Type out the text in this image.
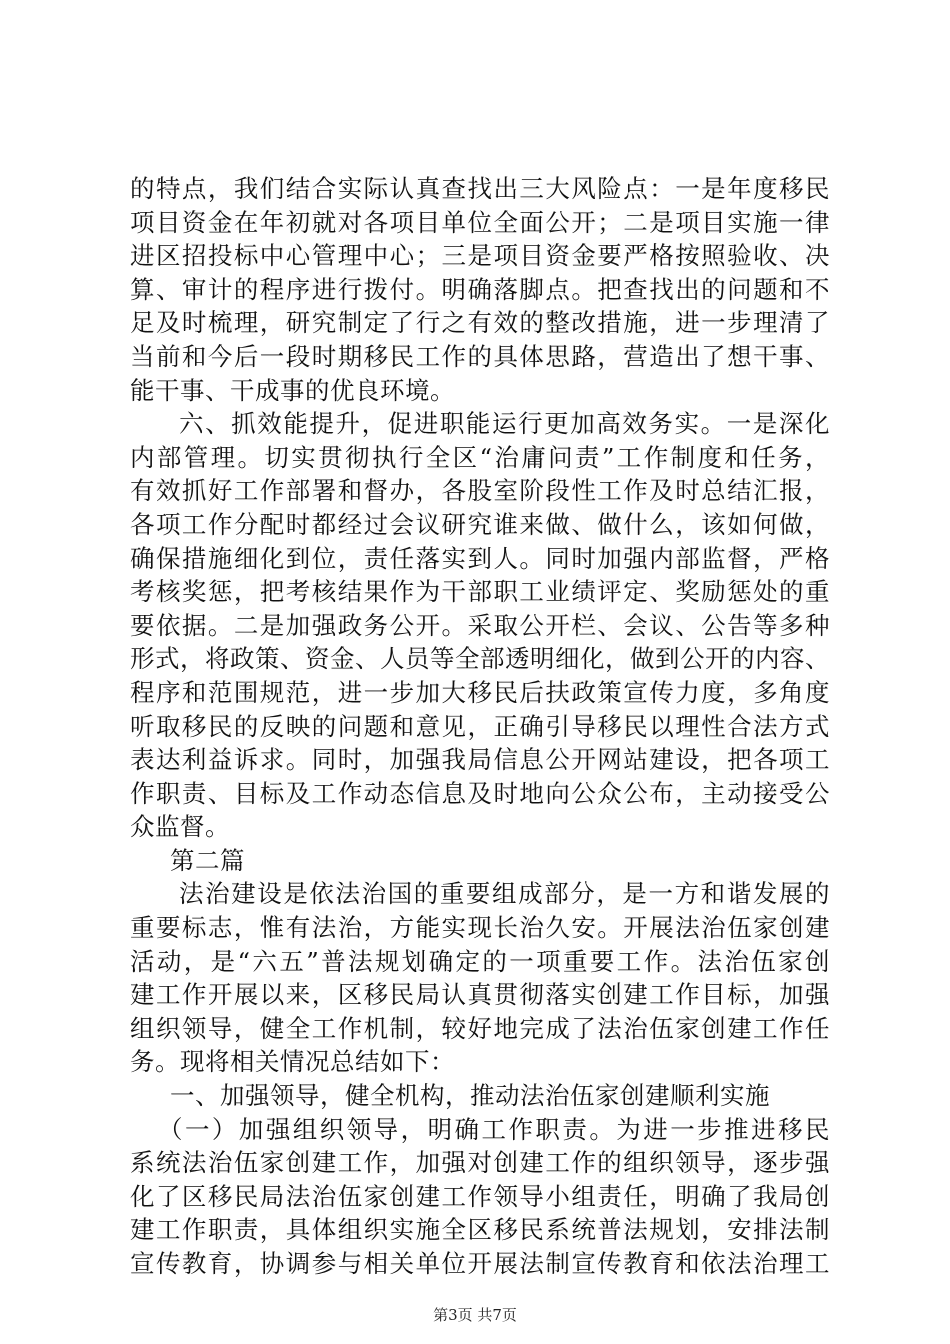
的特点，我们结合实际认真查找出三大风险点：一是年度移民
项目资金在年初就对各项目单位全面公开；二是项目实施一律
进区招投标中心管理中心；三是项目资金要严格按照验收、决
算、审计的程序进行拨付。明确落脚点。把查找出的问题和不
足及时梳理，研究制定了行之有效的整改措施，进一步理清了
当前和今后一段时期移民工作的具体思路，营造出了想干事、
能干事、干成事的优良环境。
六、抓效能提升，促进职能运行更加高效务实。一是深化
内部管理。切实贯彻执行全区“治庸问责”工作制度和任务，
有效抓好工作部署和督办，各股室阶段性工作及时总结汇报，
各项工作分配时都经过会议研究谁来做、做什么，该如何做，
确保措施细化到位，责任落实到人。同时加强内部监督，严格
考核奖惩，把考核结果作为干部职工业绩评定、奖励惩处的重
要依据。二是加强政务公开。采取公开栏、会议、公告等多种
形式，将政策、资金、人员等全部透明细化，做到公开的内容、
程序和范围规范，进一步加大移民后扶政策宣传力度，多角度
听取移民的反映的问题和意见，正确引导移民以理性合法方式
表达利益诉求。同时，加强我局信息公开网站建设，把各项工
作职责、目标及工作动态信息及时地向公众公布，主动接受公
众监督。
第二篇
法治建设是依法治国的重要组成部分，是一方和谐发展的
重要标志，惟有法治，方能实现长治久安。开展法治伍家创建
活动，是“六五”普法规划确定的一项重要工作。法治伍家创
建工作开展以来，区移民局认真贯彻落实创建工作目标，加强
组织领导，健全工作机制，较好地完成了法治伍家创建工作任
务。现将相关情况总结如下：
一、加强领导，健全机构，推动法治伍家创建顺利实施
（一）加强组织领导，明确工作职责。为进一步推进移民
系统法治伍家创建工作，加强对创建工作的组织领导，逐步强
化了区移民局法治伍家创建工作领导小组责任，明确了我局创
建工作职责，具体组织实施全区移民系统普法规划，安排法制
宣传教育，协调参与相关单位开展法制宣传教育和依法治理工
第3页 共7页
